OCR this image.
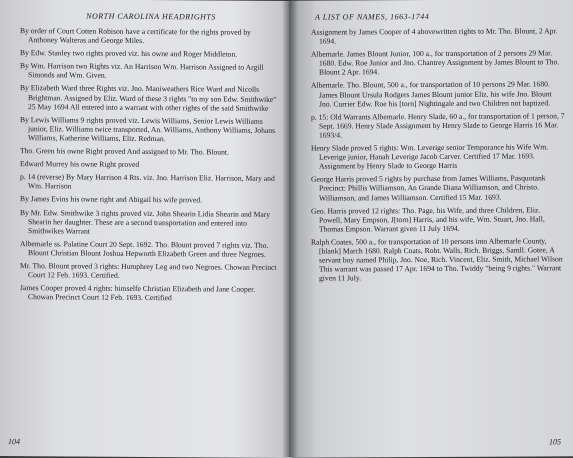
NORTH CAROLINA HEADRIGHTS

By order of Court Cotten Robison have a certificate for the rights proved by Anthoney Walteras and George Miles.

By Edw. Stanley two rights proved viz. his owne and Roger Middleton.

By Wm. Harrison two Rights viz. An Harrison Wm. Harrison Assigned to Argill Simonds and Wm. Given.

By Elizabeth Ward three Rights viz. Jno. Maniweathers Rice Ward and Nicolls Brightman. Assigned by Eliz. Ward of these 3 rights "to my son Edw. Smithwike" 25 May 1694 All entered into a warrant with other rights of the said Smithwike

By Lewis Williams 9 rights proved viz. Lewis Williams, Senior Lewis Williams junior, Eliz. Williams twice transported, An. Williams, Anthony Williams, Johans Williams, Katherine Williams, Eliz. Redman.

Tho. Green his owne Right proved And assigned to Mr. Tho. Blount.

Edward Murrey his owne Right proved

p. 14 (reverse) By Mary Harrison 4 Rts. viz. Jno. Harrison Eliz. Harrison, Mary and Wm. Harrison

By James Evins his owne right and Abigail his wife proved.

By Mr. Edw. Smithwike 3 rights proved viz. John Shearin Lidia Shearin and Mary Shearin her daughter. These are a second transportation and entered into Smithwikes Warrant

Albemarle ss. Palatine Court 20 Sept. 1692. Tho. Blount proved 7 rights viz. Tho. Blount Christian Blount Joshua Hepworth Elizabeth Green and three Negroes.

Mr. Tho. Blount proved 3 rights: Humphrey Leg and two Negroes. Chowan Precinct Court 12 Feb. 1693. Certified.

James Cooper proved 4 rights: himselfe Christian Elizabeth and Jane Cooper. Chowan Precinct Court 12 Feb. 1693. Certified

104
A LIST OF NAMES, 1663-1744

Assignment by James Cooper of 4 abovewritten rights to Mr. Tho. Blount, 2 Apr. 1694.

Albemarle. James Blount Junior, 100 a., for transportation of 2 persons 29 Mar. 1680. Edw. Roe Junior and Jno. Chantrey Assignment by James Blount to Tho. Blount 2 Apr. 1694.

Albemarle. Tho. Blount, 500 a., for transportation of 10 persons 29 Mar. 1680. James Blount Ursula Rodgers James Blount junior Eliz. his wife Jno. Blount Jno. Currier Edw. Roe his [torn] Nightingale and two Children not baptized.

p. 15: Old Warrants Albemarle. Henry Slade, 60 a., for transportation of 1 person, 7 Sept. 1669. Henry Slade Assignment by Henry Slade to George Harris 16 Mar. 1693/4.

Henry Slade proved 5 rights: Wm. Leverige senior Temporance his Wife Wm. Leverige junior, Hanah Leverige Jacob Carver. Certified 17 Mar. 1693. Assignment by Henry Slade to George Harris

George Harris proved 5 rights by purchase from James Williams, Pasquotank Precinct: Phillis Williamson, An Grande Diana Williamson, and Christo. Williamson, and James Williamson. Certified 15 Mar. 1693.

Geo. Harris proved 12 rights: Tho. Page, his Wife, and three Children, Eliz. Powell, Mary Empson, J[torn] Harris, and his wife, Wm. Stuart, Jno. Hall, Thomas Empson. Warrant given 11 July 1694.

Ralph Coates, 500 a., for transportation of 10 persons into Albemarle County, [blank] March 1680. Ralph Coats, Robt. Walls, Rich. Briggs, Samll. Gotee, A servant boy named Philip, Jno. Noe, Rich. Vincent, Eliz. Smith, Michael Wilson This warrant was passed 17 Apr. 1694 to Tho. Twiddy "being 9 rights." Warrant given 11 July.

105
